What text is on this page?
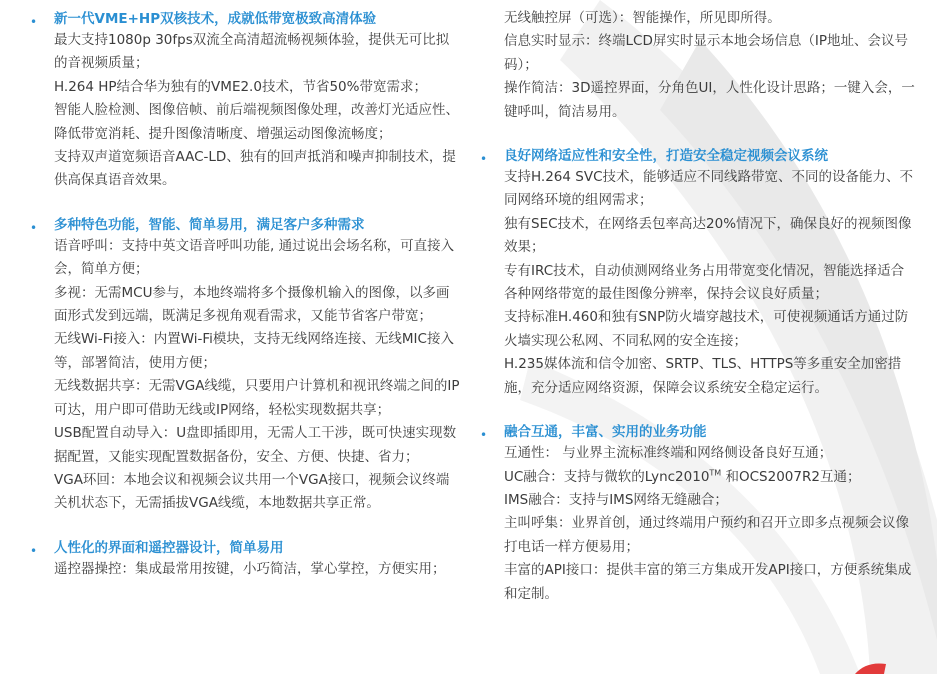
• 新一代VME+HP双核技术，成就低带宽极致高清体验
最大支持1080p 30fps双流全高清超流畅视频体验，提供无可比拟的音视频质量；
H.264 HP结合华为独有的VME2.0技术，节省50%带宽需求；
智能人脸检测、图像倍帧、前后端视频图像处理，改善灯光适应性、降低带宽消耗、提升图像清晰度、增强运动图像流畅度；
支持双声道宽频语音AAC-LD、独有的回声抵消和噪声抑制技术，提供高保真语音效果。
• 多种特色功能，智能、简单易用，满足客户多种需求
语音呼叫：支持中英文语音呼叫功能, 通过说出会场名称，可直接入会，简单方便；
多视：无需MCU参与，本地终端将多个摄像机输入的图像，以多画面形式发到远端，既满足多视角观看需求，又能节省客户带宽；
无线Wi-Fi接入：内置Wi-Fi模块，支持无线网络连接、无线MIC接入等，部署简洁，使用方便；
无线数据共享：无需VGA线缆，只要用户计算机和视讯终端之间的IP可达，用户即可借助无线或IP网络，轻松实现数据共享；
USB配置自动导入：U盘即插即用，无需人工干涉，既可快速实现数据配置，又能实现配置数据备份，安全、方便、快捷、省力；
VGA环回：本地会议和视频会议共用一个VGA接口，视频会议终端关机状态下，无需插拔VGA线缆，本地数据共享正常。
• 人性化的界面和遥控器设计，简单易用
遥控器操控：集成最常用按键，小巧简洁，掌心掌控，方便实用；
无线触控屏（可选）：智能操作，所见即所得。
信息实时显示：终端LCD屏实时显示本地会场信息（IP地址、会议号码）；
操作简洁：3D遥控界面，分角色UI，人性化设计思路；一键入会，一键呼叫，简洁易用。
• 良好网络适应性和安全性，打造安全稳定视频会议系统
支持H.264 SVC技术，能够适应不同线路带宽、不同的设备能力、不同网络环境的组网需求；
独有SEC技术，在网络丢包率高达20%情况下，确保良好的视频图像效果；
专有IRC技术，自动侦测网络业务占用带宽变化情况，智能选择适合各种网络带宽的最佳图像分辨率，保持会议良好质量；
支持标准H.460和独有SNP防火墙穿越技术，可使视频通话方通过防火墙实现公私网、不同私网的安全连接；
H.235媒体流和信令加密、SRTP、TLS、HTTPS等多重安全加密措施，充分适应网络资源，保障会议系统安全稳定运行。
• 融合互通，丰富、实用的业务功能
互通性： 与业界主流标准终端和网络侧设备良好互通；
UC融合：支持与微软的Lync2010™ 和OCS2007R2互通；
IMS融合：支持与IMS网络无缝融合；
主叫呼集：业界首创，通过终端用户预约和召开立即多点视频会议像打电话一样方便易用；
丰富的API接口：提供丰富的第三方集成开发API接口，方便系统集成和定制。
